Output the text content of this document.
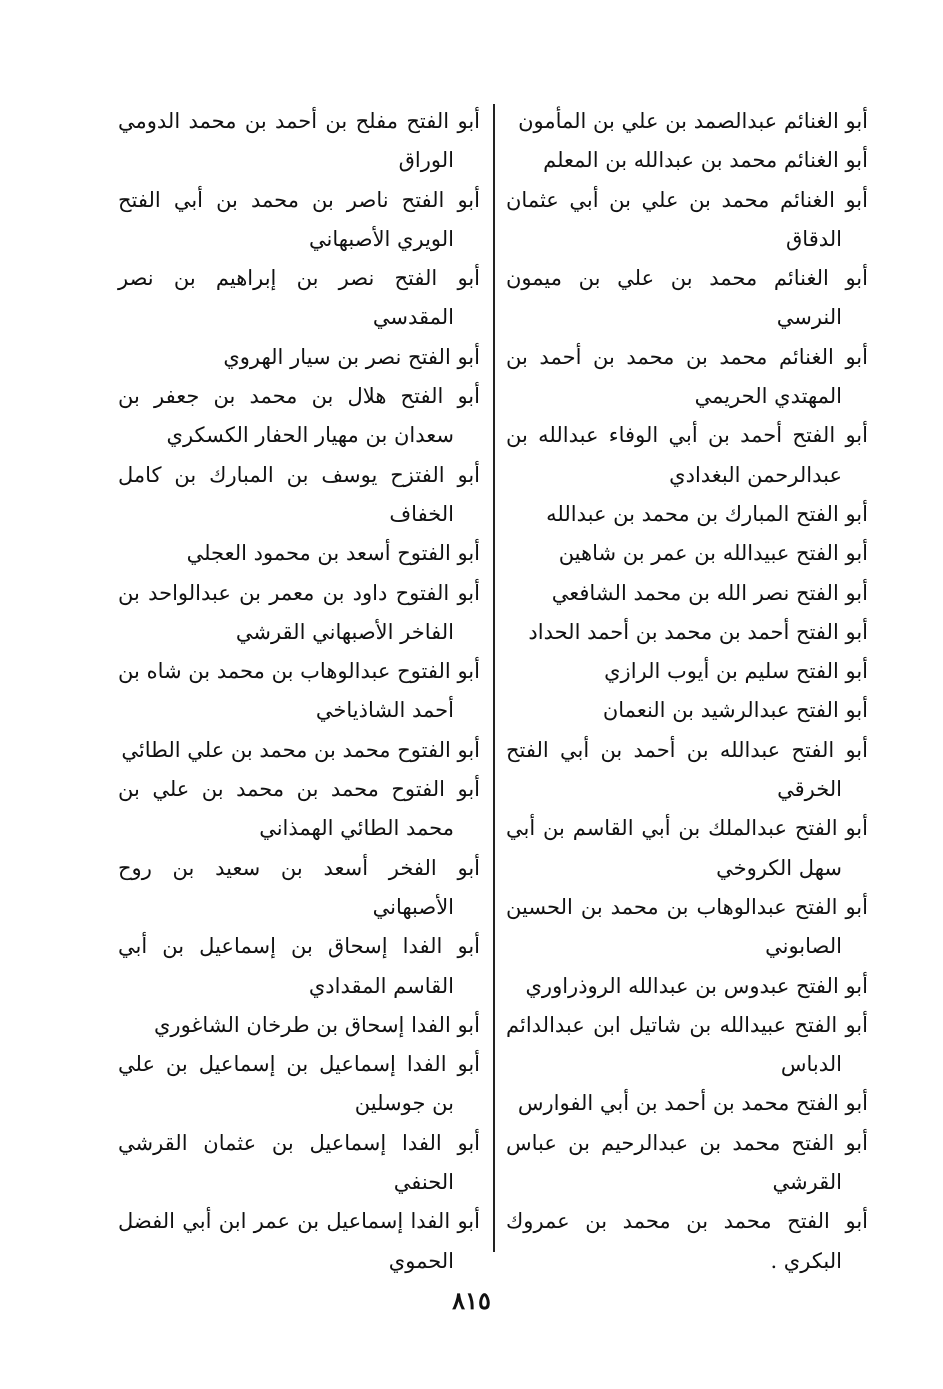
أبو الغنائم عبدالصمد بن علي بن المأمون
أبو الغنائم محمد بن عبدالله بن المعلم
أبو الغنائم محمد بن علي بن أبي عثمان الدقاق
أبو الغنائم محمد بن علي بن ميمون النرسي
أبو الغنائم محمد بن محمد بن أحمد بن المهتدي الحريمي
أبو الفتح أحمد بن أبي الوفاء عبدالله بن عبدالرحمن البغدادي
أبو الفتح المبارك بن محمد بن عبدالله
أبو الفتح عبيدالله بن عمر بن شاهين
أبو الفتح نصر الله بن محمد الشافعي
أبو الفتح أحمد بن محمد بن أحمد الحداد
أبو الفتح سليم بن أيوب الرازي
أبو الفتح عبدالرشيد بن النعمان
أبو الفتح عبدالله بن أحمد بن أبي الفتح الخرقي
أبو الفتح عبدالملك بن أبي القاسم بن أبي سهل الكروخي
أبو الفتح عبدالوهاب بن محمد بن الحسين الصابوني
أبو الفتح عبدوس بن عبدالله الروذراوري
أبو الفتح عبيدالله بن شاتيل ابن عبدالدائم الدباس
أبو الفتح محمد بن أحمد بن أبي الفوارس
أبو الفتح محمد بن عبدالرحيم بن عباس القرشي
أبو الفتح محمد بن محمد بن عمروك البكري .
أبو الفتح مفلح بن أحمد بن محمد الدومي الوراق
أبو الفتح ناصر بن محمد بن أبي الفتح الويري الأصبهاني
أبو الفتح نصر بن إبراهيم بن نصر المقدسي
أبو الفتح نصر بن سيار الهروي
أبو الفتح هلال بن محمد بن جعفر بن سعدان بن مهيار الحفار الكسكري
أبو الفتزح يوسف بن المبارك بن كامل الخفاف
أبو الفتوح أسعد بن محمود العجلي
أبو الفتوح داود بن معمر بن عبدالواحد بن الفاخر الأصبهاني القرشي
أبو الفتوح عبدالوهاب بن محمد بن شاه بن أحمد الشاذياخي
أبو الفتوح محمد بن محمد بن علي الطائي
أبو الفتوح محمد بن محمد بن علي بن محمد الطائي الهمذاني
أبو الفخر أسعد بن سعيد بن روح الأصبهاني
أبو الفدا إسحاق بن إسماعيل بن أبي القاسم المقدادي
أبو الفدا إسحاق بن طرخان الشاغوري
أبو الفدا إسماعيل بن إسماعيل بن علي بن جوسلين
أبو الفدا إسماعيل بن عثمان القرشي الحنفي
أبو الفدا إسماعيل بن عمر ابن أبي الفضل الحموي
٨١٥
